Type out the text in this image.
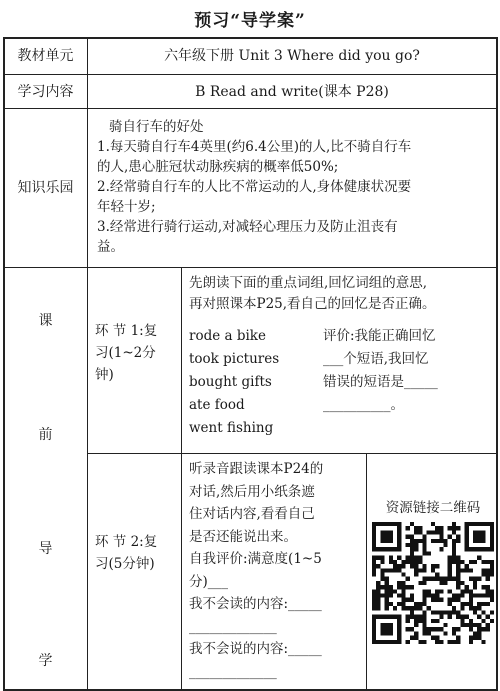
预习“导学案”
教材单元	六年级下册 Unit 3 Where did you go?
学习内容	B Read and write(课本 P28)
知识乐园
骑自行车的好处
1.每天骑自行车4英里(约6.4公里)的人,比不骑自行车
的人,患心脏冠状动脉疾病的概率低50%;
2.经常骑自行车的人比不常运动的人,身体健康状况要
年轻十岁;
3.经常进行骑行运动,对减轻心理压力及防止沮丧有
益。
课
前
导
学
环 节 1:复
习(1~2分
钟)
先朗读下面的重点词组,回忆词组的意思,
再对照课本P25,看自己的回忆是否正确。
rode a bike
took pictures
bought gifts
ate food
went fishing
评价:我能正确回忆
___个短语,我回忆
错误的短语是_____
__________。
环 节 2:复
习(5分钟)
听录音跟读课本P24的
对话,然后用小纸条遮
住对话内容,看看自己
是否还能说出来。
自我评价:满意度(1~5
分)___
我不会读的内容:_____
_____________
我不会说的内容:_____
_____________
资源链接二维码
